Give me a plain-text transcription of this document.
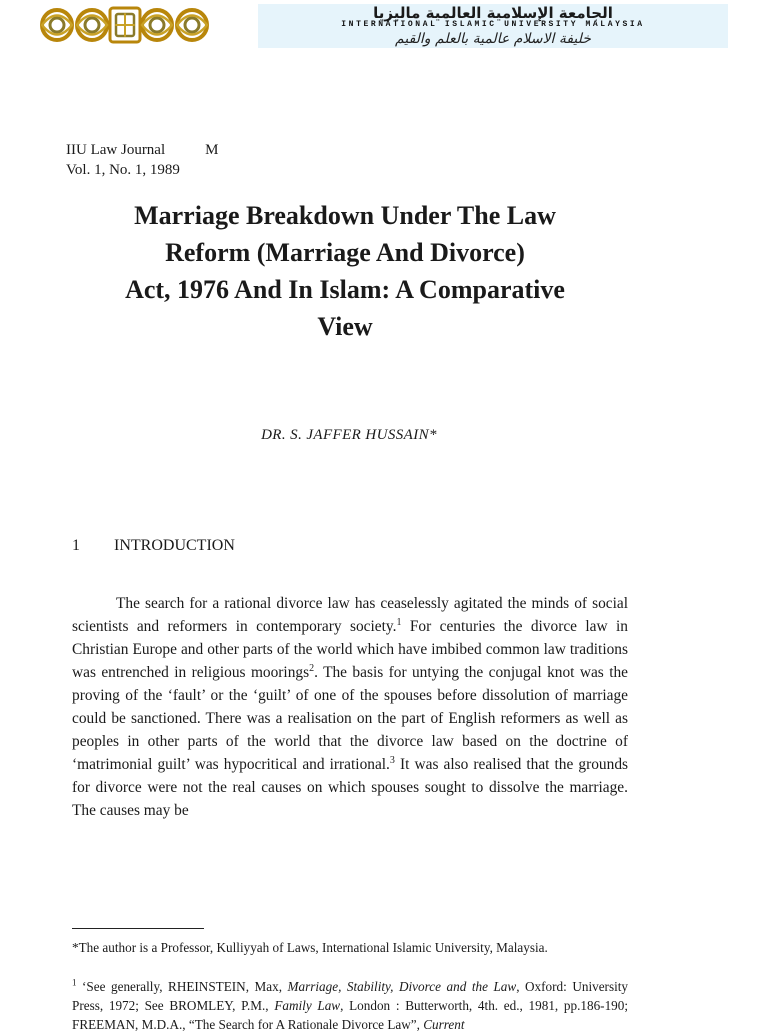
الجامعة الإسلامية العالمية ماليزيا
INTERNATIONAL ISLAMIC UNIVERSITY MALAYSIA
خليفة الاسلام عالمية بالعلم والقيم
IIU Law Journal	M
Vol. 1, No. 1, 1989
Marriage Breakdown Under The Law
Reform (Marriage And Divorce)
Act, 1976 And In Islam: A Comparative
View
DR. S. JAFFER HUSSAIN*
1 INTRODUCTION
The search for a rational divorce law has ceaselessly agitated the minds of social scientists and reformers in contemporary society.$^1$ For centuries the divorce law in Christian Europe and other parts of the world which have imbibed common law traditions was entrenched in religious moorings$^2$. The basis for untying the conjugal knot was the proving of the ‘fault’ or the ‘guilt’ of one of the spouses before dissolution of marriage could be sanctioned. There was a realisation on the part of English reformers as well as peoples in other parts of the world that the divorce law based on the doctrine of ‘matrimonial guilt’ was hypocritical and irrational.$^3$ It was also realised that the grounds for divorce were not the real causes on which spouses sought to dissolve the marriage. The causes may be
*The author is a Professor, Kulliyyah of Laws, International Islamic University, Malaysia.
$^1$ ‘See generally, RHEINSTEIN, Max, Marriage, Stability, Divorce and the Law, Oxford: University Press, 1972; See BROMLEY, P.M., Family Law, London : Butterworth, 4th. ed., 1981, pp.186-190; FREEMAN, M.D.A., “The Search for A Rationale Divorce Law”, Current
